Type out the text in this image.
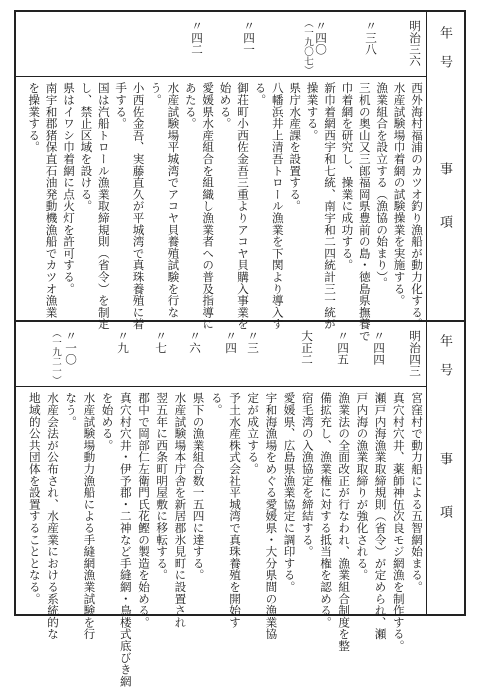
年号
事項
西外海村福浦のカツオ釣り漁船が動力化する。
水産試験場巾着網の試験操業を実施する。
漁業組合を設立する（漁協の始まり）。
三机の奥山又三郎福岡県豊前の島・徳島県撫養で
巾着網を研究し、操業に成功する。
新巾着網西宇和七統、南宇和二四統計三一統が
操業する。
県庁水産課を設置する。
八幡浜井上清吾トロール漁業を下関より導入す
る。
御荘町小西佐金吾三重よりアコヤ貝購入事業を
始める。
愛媛県水産組合を組織し漁業者への普及指導に
あたる。
水産試験場平城湾でアコヤ貝養殖試験を行な
う。
小西佐金吾、実藤直久が平城湾で真珠養殖に着
手する。
国は汽船トロール漁業取締規則（省令）を制定
し、禁止区域を設ける。
県はイワシ巾着網に点火灯を許可する。
南宇和郡猪保直石油発動機漁船でカツオ漁業
を操業する。
明治三六
〃三八
〃四〇
（一九〇七）
〃四一
〃四二
年号
事項
宮窪村で動力船による五智網始まる。
真穴村穴井、薬師神伍次良モジ網漁を制作する。
瀬戸内海漁業取締規則（省令）が定められ、瀬
戸内海の漁業取締りが強化される。
漁業法の全面改正が行なわれ、漁業組合制度を整
備拡充し、漁業権に対する抵当権を認める。
宿毛湾の入漁協定を締結する。
愛媛県、広島県漁業協定に調印する。
宇和海漁場をめぐる愛媛県・大分県間の漁業協
定が成立する。
予土水産株式会社平城湾で真珠養殖を開始す
る。
県下の漁業組合数一五四に達する。
水産試験場本庁舎を新居郡氷見町に設置され
翌五年に西条町明屋敷に移転する。
郡中で岡部仁左衛門氏花鰹の製造を始める。
真穴村穴井・伊予郡・二神など手縫網・鳥楼式底びき網
を始める。
水産試験場動力漁船による手縫網漁業試験を行
なう。
水産会法が公布され、水産業における系統的な
地域的公共団体を設置することとなる。
明治四三
〃四四
〃四五
大正二
〃三
〃四
〃六
〃七
〃九
〃一〇
（一九二一）
